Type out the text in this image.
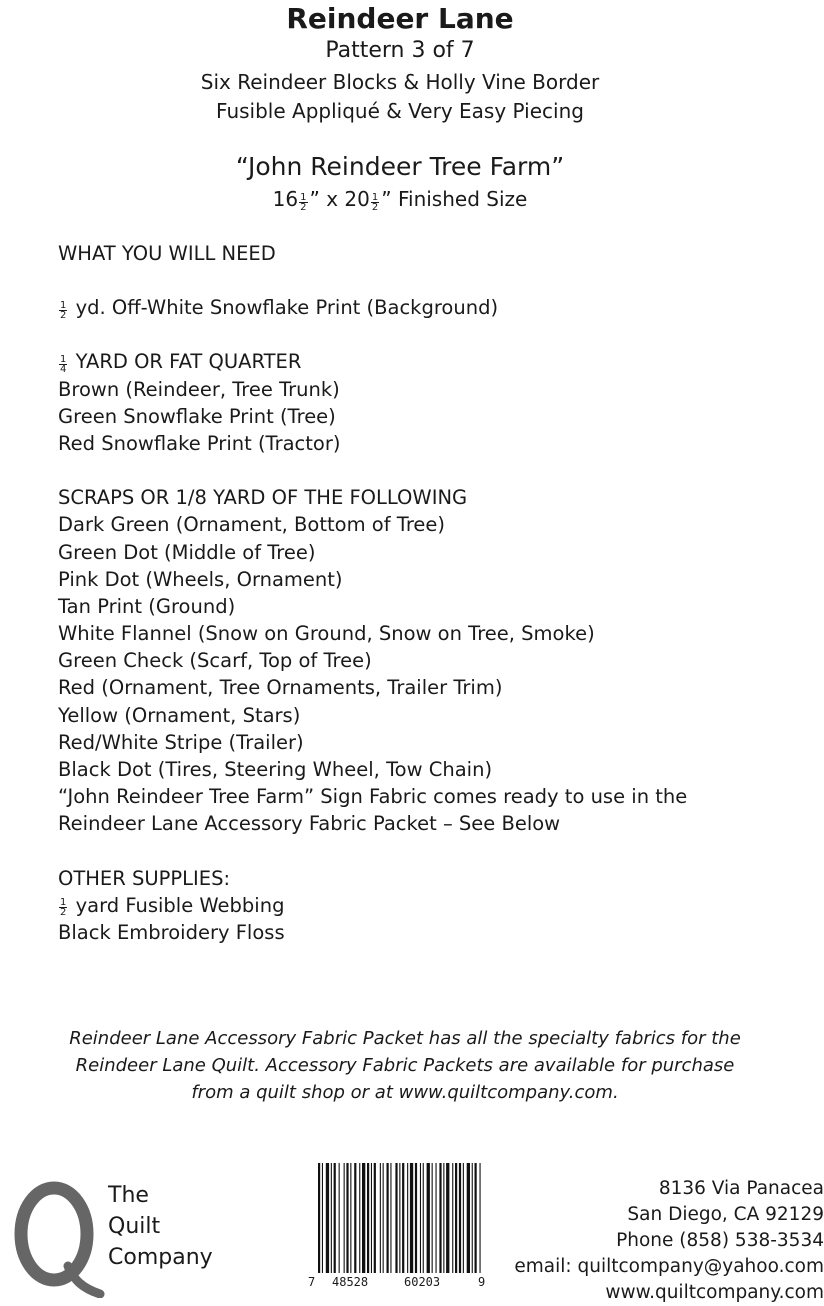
Reindeer Lane
Pattern 3 of 7
Six Reindeer Blocks & Holly Vine Border
Fusible Appliqué & Very Easy Piecing
“John Reindeer Tree Farm”
$16 \frac{1}{2}$ ” x $20 \frac{1}{2}$ ” Finished Size
WHAT YOU WILL NEED
$\frac{1}{2}$ yd. Off-White Snowflake Print (Background)
$\frac{1}{4}$ YARD OR FAT QUARTER
Brown (Reindeer, Tree Trunk)
Green Snowflake Print (Tree)
Red Snowflake Print (Tractor)
SCRAPS OR 1/8 YARD OF THE FOLLOWING
Dark Green (Ornament, Bottom of Tree)
Green Dot (Middle of Tree)
Pink Dot (Wheels, Ornament)
Tan Print (Ground)
White Flannel (Snow on Ground, Snow on Tree, Smoke)
Green Check (Scarf, Top of Tree)
Red (Ornament, Tree Ornaments, Trailer Trim)
Yellow (Ornament, Stars)
Red/White Stripe (Trailer)
Black Dot (Tires, Steering Wheel, Tow Chain)
“John Reindeer Tree Farm” Sign Fabric comes ready to use in the
Reindeer Lane Accessory Fabric Packet – See Below
OTHER SUPPLIES:
$\frac{1}{2}$ yard Fusible Webbing
Black Embroidery Floss
Reindeer Lane Accessory Fabric Packet has all the specialty fabrics for the
Reindeer Lane Quilt. Accessory Fabric Packets are available for purchase
from a quilt shop or at www.quiltcompany.com.
The
Quilt
Company
7 48528	60203	9
8136 Via Panacea
San Diego, CA 92129
Phone (858) 538-3534
email: quiltcompany@yahoo.com
www.quiltcompany.com
